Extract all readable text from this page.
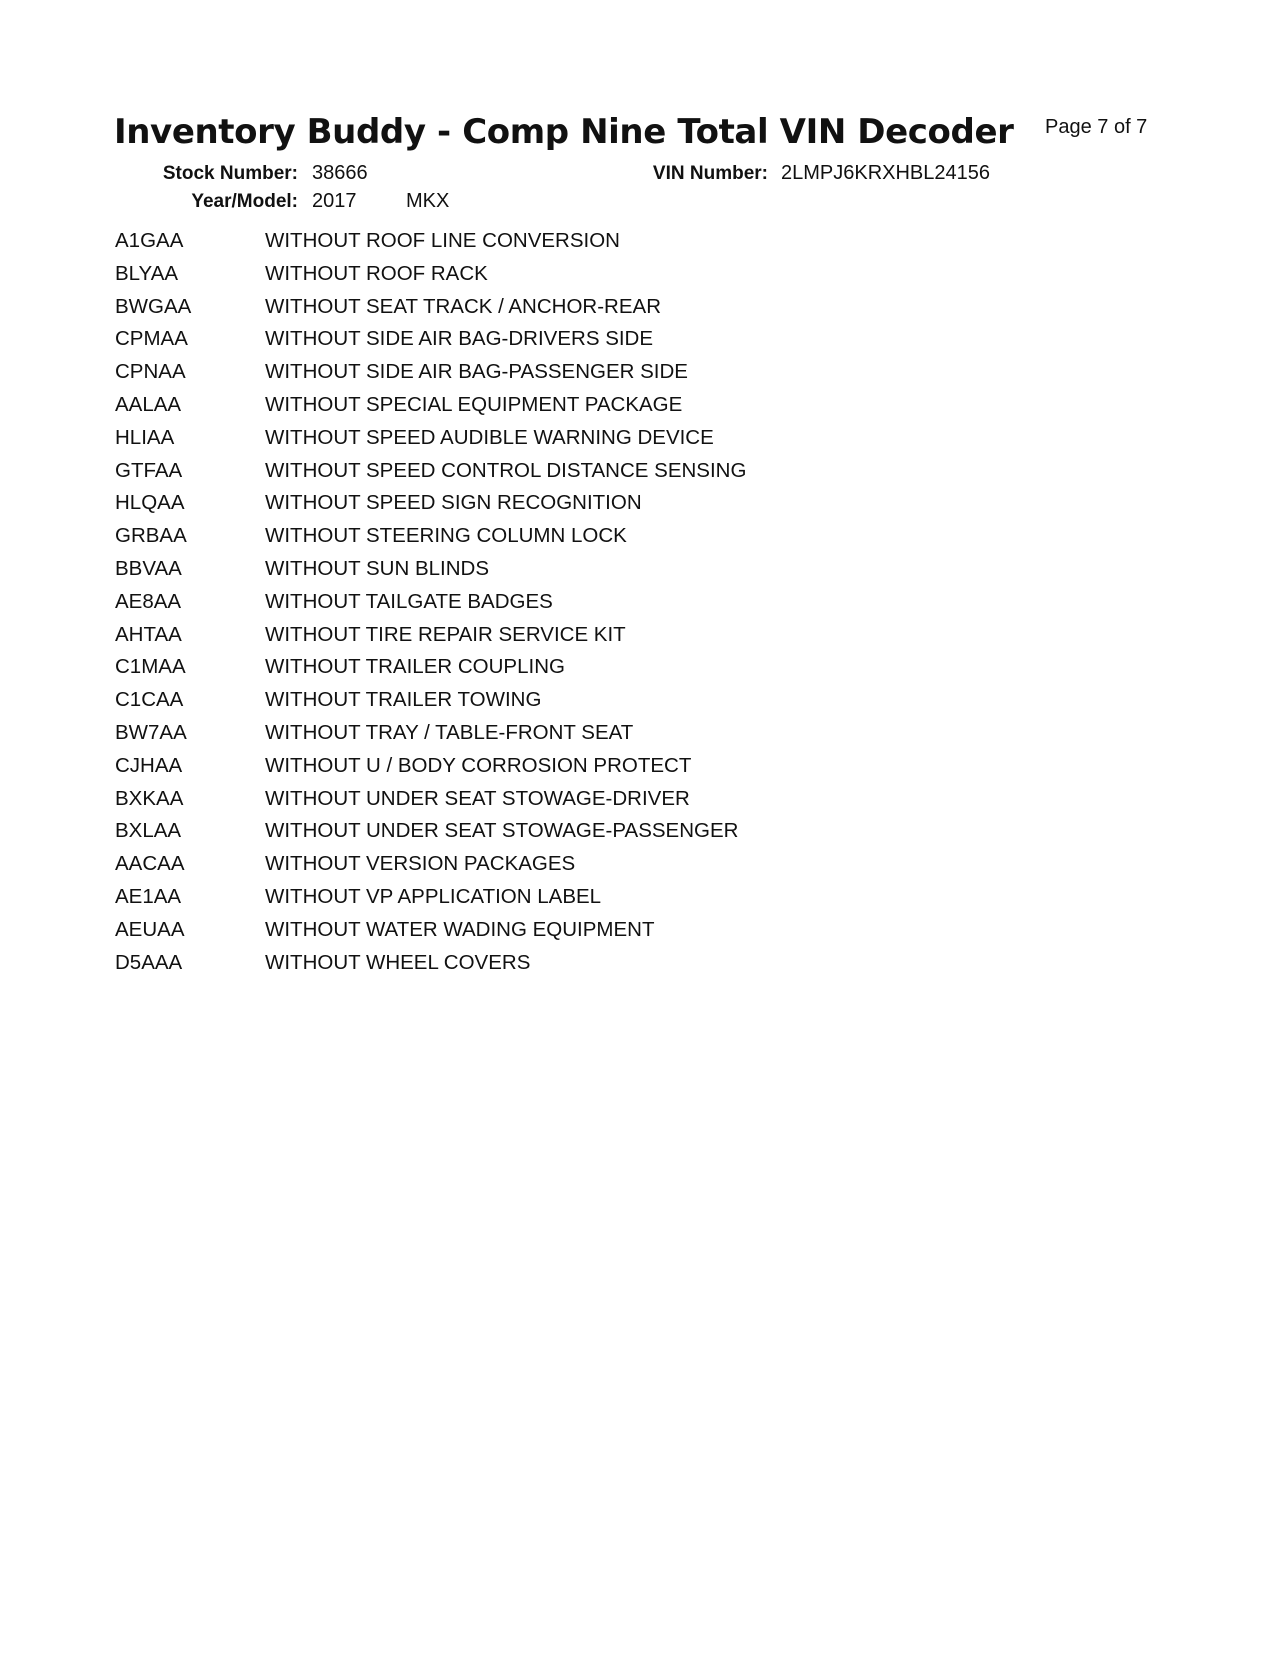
Inventory Buddy - Comp Nine Total VIN Decoder Page 7 of 7
Stock Number: 38666
Year/Model: 2017 MKX
VIN Number: 2LMPJ6KRXHBL24156
A1GAA	WITHOUT ROOF LINE CONVERSION
BLYAA	WITHOUT ROOF RACK
BWGAA	WITHOUT SEAT TRACK / ANCHOR-REAR
CPMAA	WITHOUT SIDE AIR BAG-DRIVERS SIDE
CPNAA	WITHOUT SIDE AIR BAG-PASSENGER SIDE
AALAA	WITHOUT SPECIAL EQUIPMENT PACKAGE
HLIAA	WITHOUT SPEED AUDIBLE WARNING DEVICE
GTFAA	WITHOUT SPEED CONTROL DISTANCE SENSING
HLQAA	WITHOUT SPEED SIGN RECOGNITION
GRBAA	WITHOUT STEERING COLUMN LOCK
BBVAA	WITHOUT SUN BLINDS
AE8AA	WITHOUT TAILGATE BADGES
AHTAA	WITHOUT TIRE REPAIR SERVICE KIT
C1MAA	WITHOUT TRAILER COUPLING
C1CAA	WITHOUT TRAILER TOWING
BW7AA	WITHOUT TRAY / TABLE-FRONT SEAT
CJHAA	WITHOUT U / BODY CORROSION PROTECT
BXKAA	WITHOUT UNDER SEAT STOWAGE-DRIVER
BXLAA	WITHOUT UNDER SEAT STOWAGE-PASSENGER
AACAA	WITHOUT VERSION PACKAGES
AE1AA	WITHOUT VP APPLICATION LABEL
AEUAA	WITHOUT WATER WADING EQUIPMENT
D5AAA	WITHOUT WHEEL COVERS
